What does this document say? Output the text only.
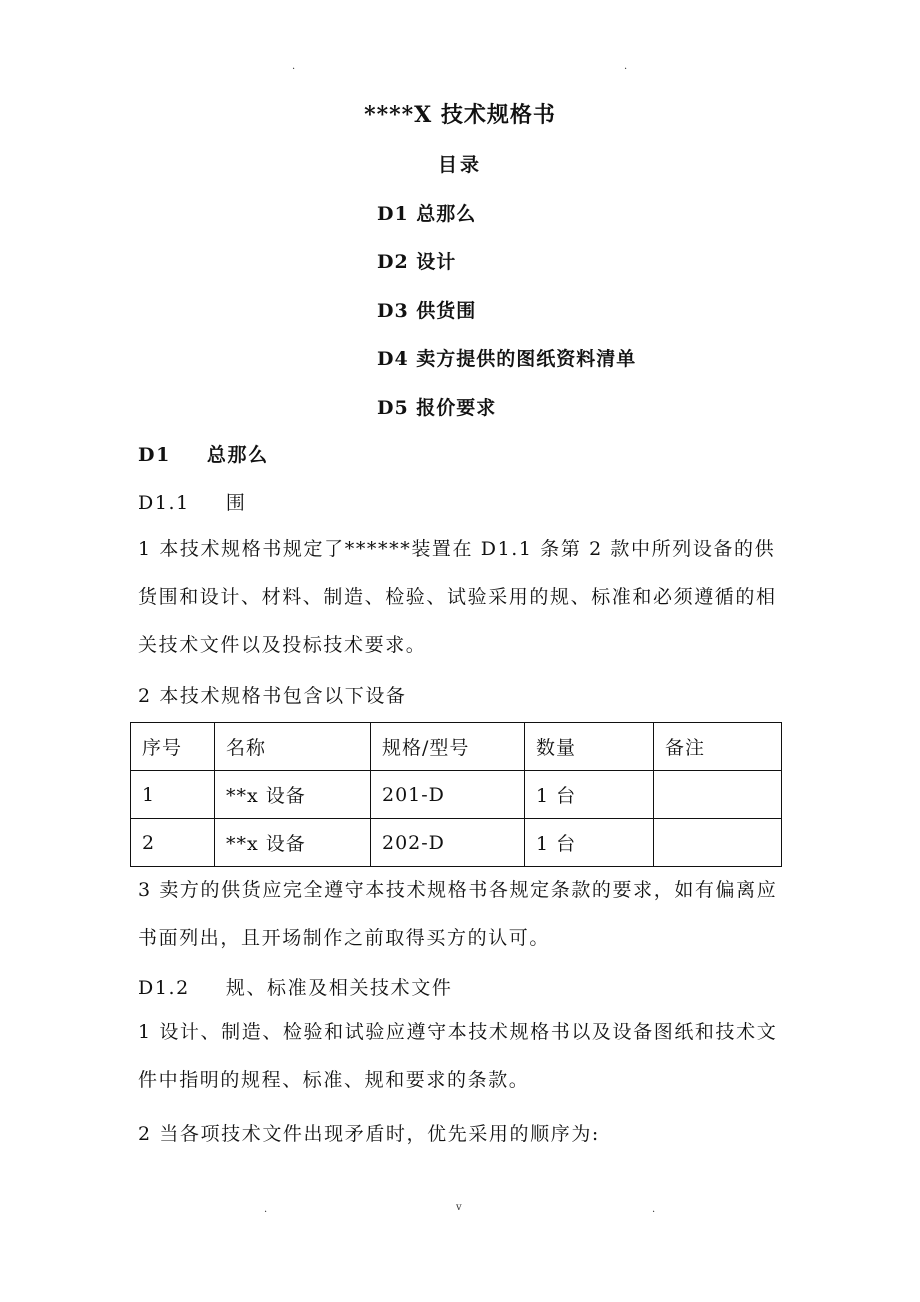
.	.
****X 技术规格书
目录
D1 总那么
D2 设计
D3 供货围
D4 卖方提供的图纸资料清单
D5 报价要求
D1 总那么
D1.1 围
1 本技术规格书规定了******装置在 D1.1 条第 2 款中所列设备的供货围和设计、材料、制造、检验、试验采用的规、标准和必须遵循的相关技术文件以及投标技术要求。
2 本技术规格书包含以下设备
序号	名称	规格/型号	数量	备注
1	**x 设备	201-D	1 台	
2	**x 设备	202-D	1 台	
3 卖方的供货应完全遵守本技术规格书各规定条款的要求，如有偏离应书面列出，且开场制作之前取得买方的认可。
D1.2 规、标准及相关技术文件
1 设计、制造、检验和试验应遵守本技术规格书以及设备图纸和技术文件中指明的规程、标准、规和要求的条款。
2 当各项技术文件出现矛盾时，优先采用的顺序为:
.	v	.
